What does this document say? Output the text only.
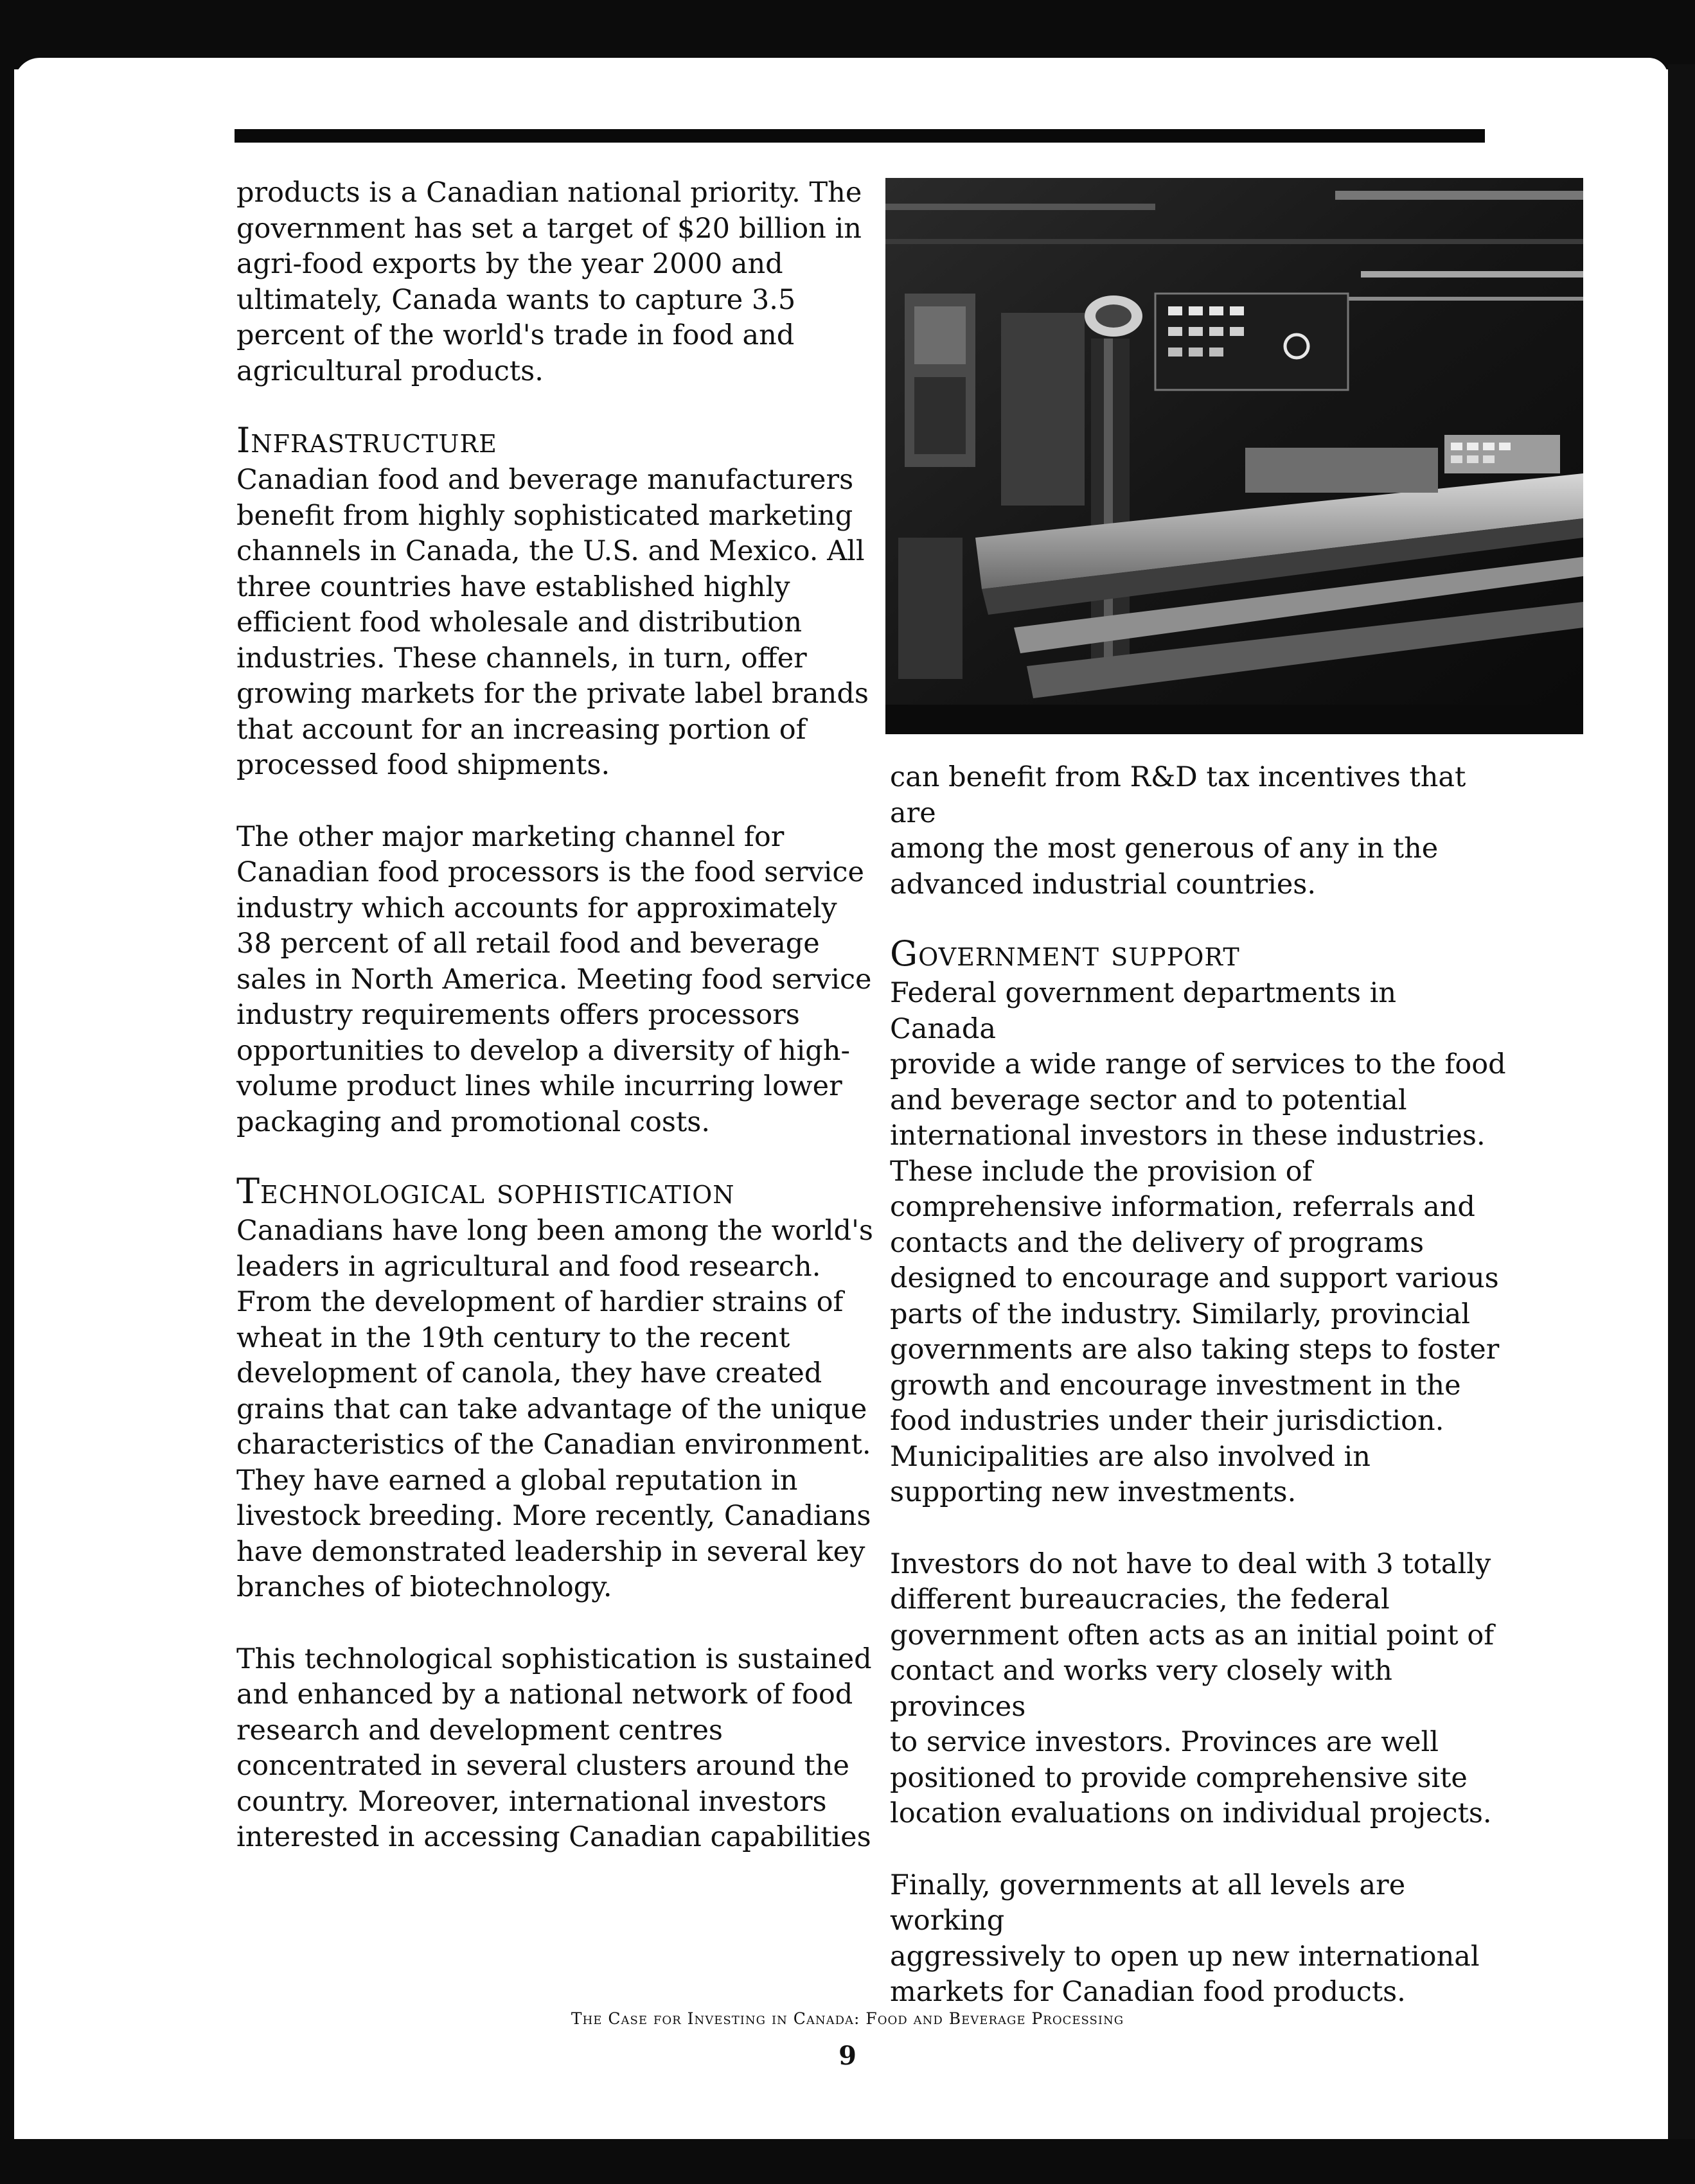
products is a Canadian national priority. The
government has set a target of $20 billion in
agri-food exports by the year 2000 and
ultimately, Canada wants to capture 3.5
percent of the world's trade in food and
agricultural products.

Infrastructure

Canadian food and beverage manufacturers
benefit from highly sophisticated marketing
channels in Canada, the U.S. and Mexico. All
three countries have established highly
efficient food wholesale and distribution
industries. These channels, in turn, offer
growing markets for the private label brands
that account for an increasing portion of
processed food shipments.

The other major marketing channel for
Canadian food processors is the food service
industry which accounts for approximately
38 percent of all retail food and beverage
sales in North America. Meeting food service
industry requirements offers processors
opportunities to develop a diversity of high-
volume product lines while incurring lower
packaging and promotional costs.

Technological sophistication

Canadians have long been among the world's
leaders in agricultural and food research.
From the development of hardier strains of
wheat in the 19th century to the recent
development of canola, they have created
grains that can take advantage of the unique
characteristics of the Canadian environment.
They have earned a global reputation in
livestock breeding. More recently, Canadians
have demonstrated leadership in several key
branches of biotechnology.

This technological sophistication is sustained
and enhanced by a national network of food
research and development centres
concentrated in several clusters around the
country. Moreover, international investors
interested in accessing Canadian capabilities

can benefit from R&D tax incentives that are
among the most generous of any in the
advanced industrial countries.

Government support

Federal government departments in Canada
provide a wide range of services to the food
and beverage sector and to potential
international investors in these industries.
These include the provision of
comprehensive information, referrals and
contacts and the delivery of programs
designed to encourage and support various
parts of the industry. Similarly, provincial
governments are also taking steps to foster
growth and encourage investment in the
food industries under their jurisdiction.
Municipalities are also involved in
supporting new investments.

Investors do not have to deal with 3 totally
different bureaucracies, the federal
government often acts as an initial point of
contact and works very closely with provinces
to service investors. Provinces are well
positioned to provide comprehensive site
location evaluations on individual projects.

Finally, governments at all levels are working
aggressively to open up new international
markets for Canadian food products.

The Case for Investing in Canada: Food and Beverage Processing
9
